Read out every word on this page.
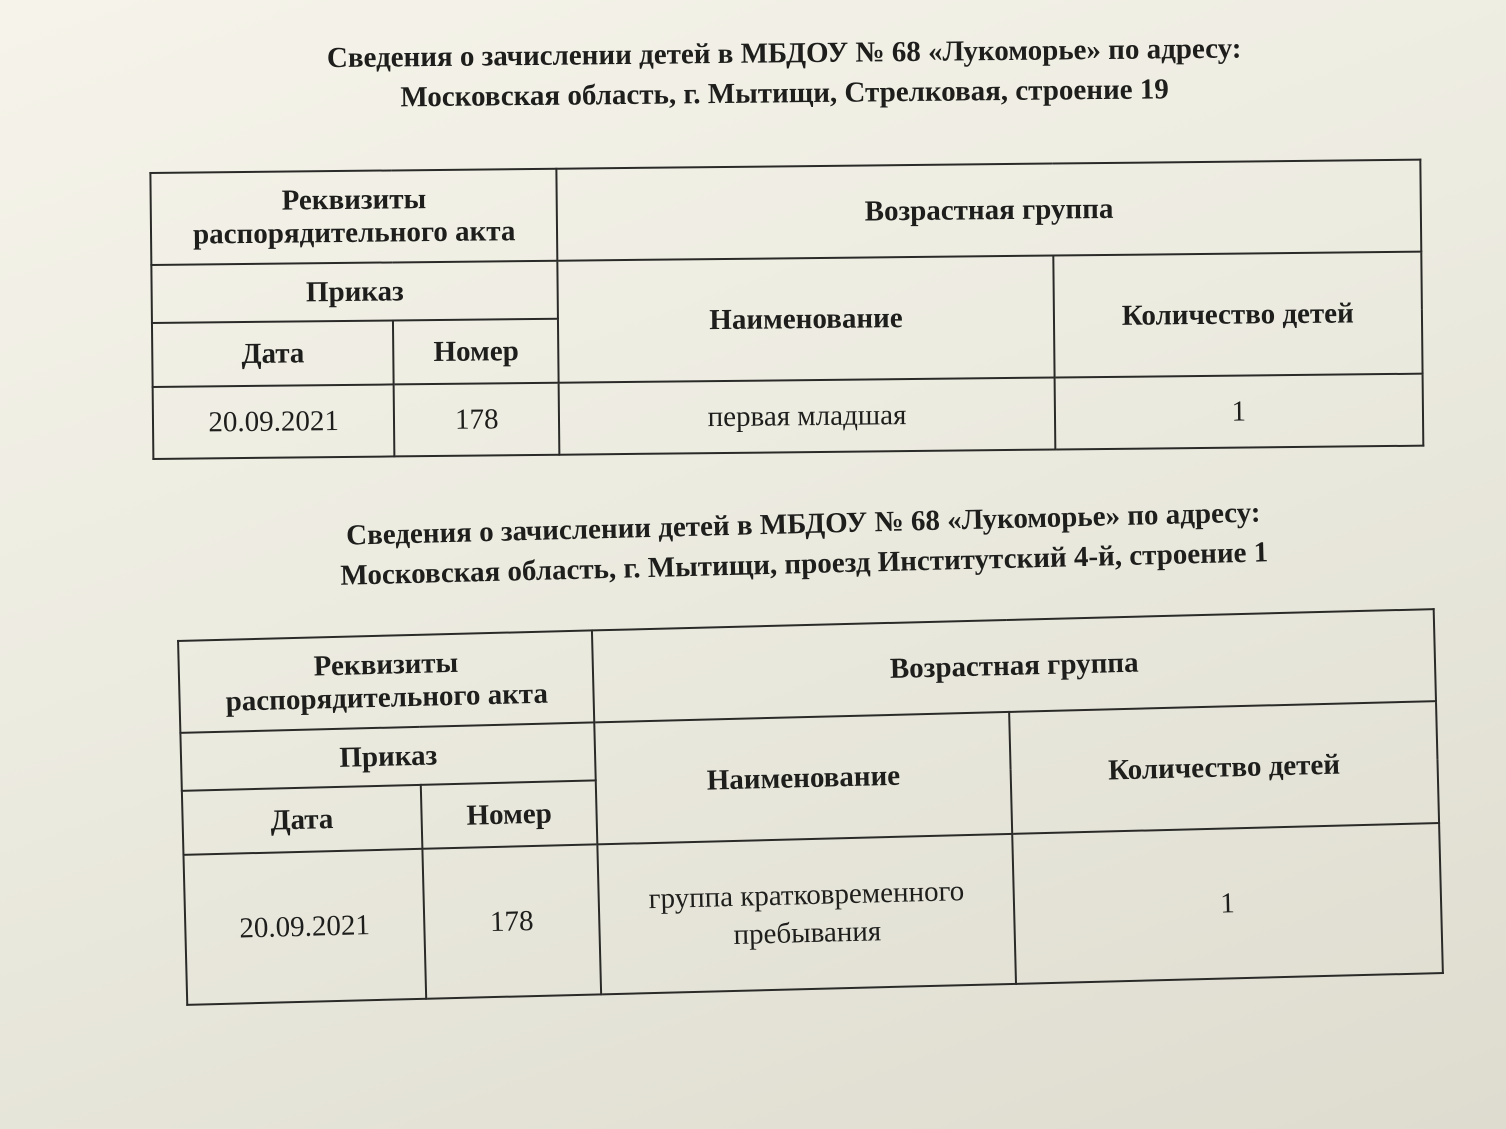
Сведения о зачислении детей в МБДОУ № 68 «Лукоморье» по адресу:
Московская область, г. Мытищи, Стрелковая, строение 19
Реквизиты распорядительного акта		Возрастная группа	
Приказ		Наименование	Количество детей
Дата	Номер		
20.09.2021	178	первая младшая	1
Сведения о зачислении детей в МБДОУ № 68 «Лукоморье» по адресу:
Московская область, г. Мытищи, проезд Институтский 4-й, строение 1
Реквизиты распорядительного акта		Возрастная группа	
Приказ		Наименование	Количество детей
Дата	Номер		
20.09.2021	178	группа кратковременного пребывания	1
